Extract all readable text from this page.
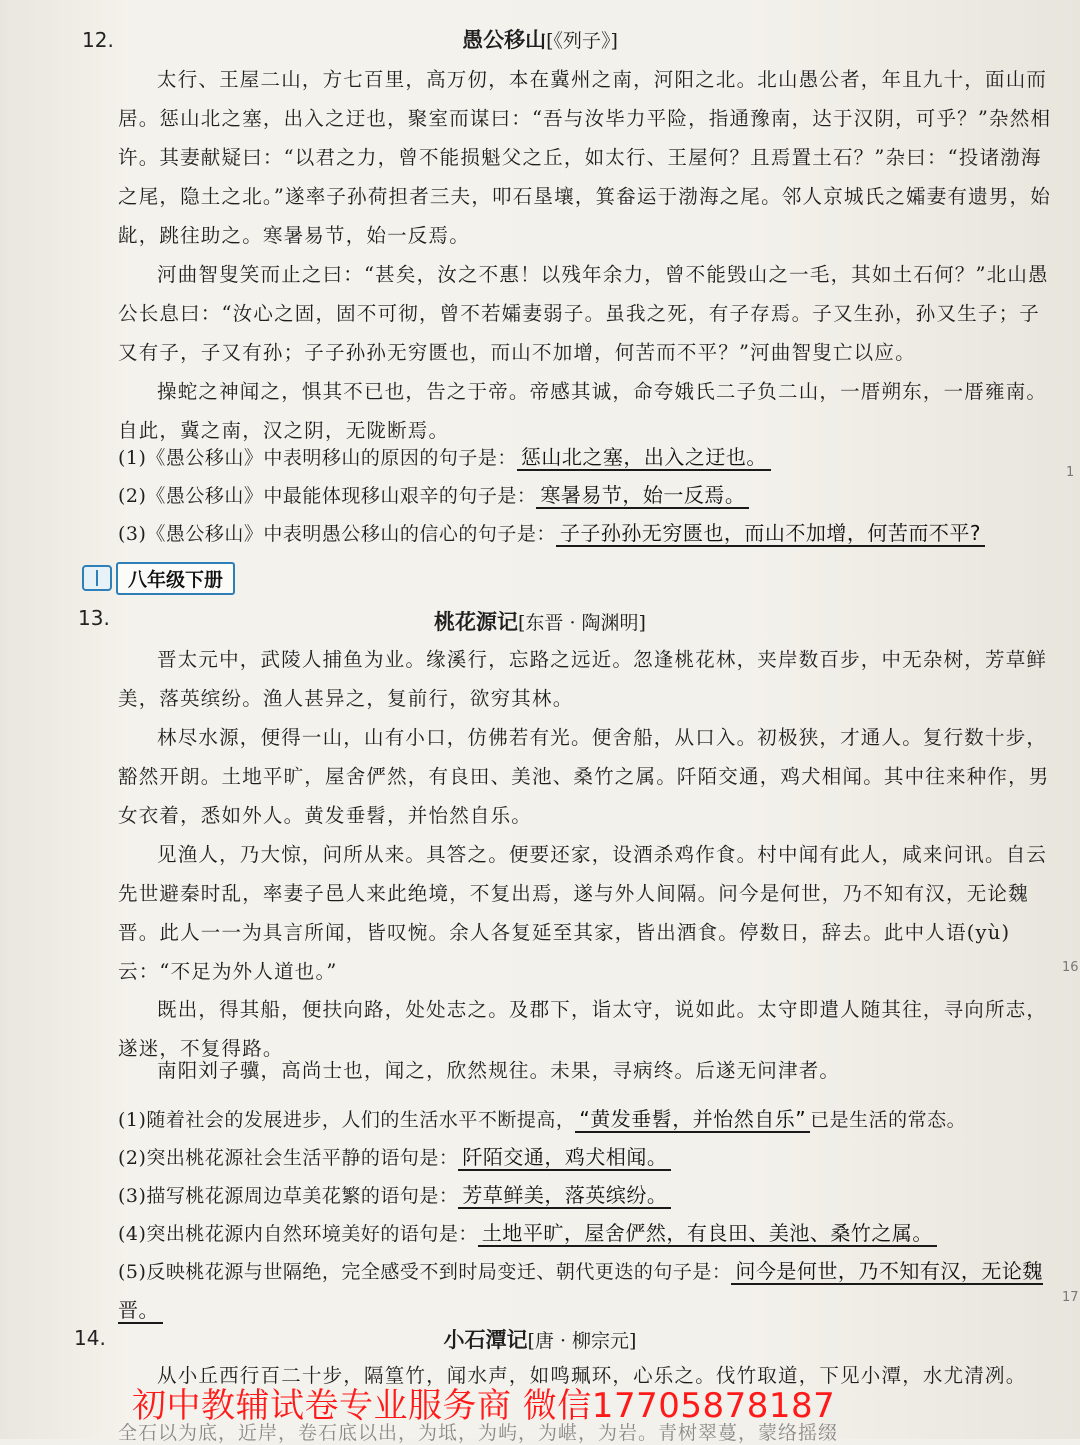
12.	愚公移山[《列子》]

太行、王屋二山，方七百里，高万仞，本在冀州之南，河阳之北。北山愚公者，年且九十，面山而居。惩山北之塞，出入之迂也，聚室而谋曰：“吾与汝毕力平险，指通豫南，达于汉阴，可乎？”杂然相许。其妻献疑曰：“以君之力，曾不能损魁父之丘，如太行、王屋何？且焉置土石？”杂曰：“投诸渤海之尾，隐土之北。”遂率子孙荷担者三夫，叩石垦壤，箕畚运于渤海之尾。邻人京城氏之孀妻有遗男，始龀，跳往助之。寒暑易节，始一反焉。

河曲智叟笑而止之曰：“甚矣，汝之不惠！以残年余力，曾不能毁山之一毛，其如土石何？”北山愚公长息曰：“汝心之固，固不可彻，曾不若孀妻弱子。虽我之死，有子存焉。子又生孙，孙又生子；子又有子，子又有孙；子子孙孙无穷匮也，而山不加增，何苦而不平？”河曲智叟亡以应。

操蛇之神闻之，惧其不已也，告之于帝。帝感其诚，命夸娥氏二子负二山，一厝朔东，一厝雍南。自此，冀之南，汉之阴，无陇断焉。

(1)《愚公移山》中表明移山的原因的句子是： 惩山北之塞，出入之迂也。
(2)《愚公移山》中最能体现移山艰辛的句子是： 寒暑易节，始一反焉。
(3)《愚公移山》中表明愚公移山的信心的句子是： 子子孙孙无穷匮也，而山不加增，何苦而不平?
八年级下册
13.	桃花源记[东晋 · 陶渊明]

晋太元中，武陵人捕鱼为业。缘溪行，忘路之远近。忽逢桃花林，夹岸数百步，中无杂树，芳草鲜美，落英缤纷。渔人甚异之，复前行，欲穷其林。

林尽水源，便得一山，山有小口，仿佛若有光。便舍船，从口入。初极狭，才通人。复行数十步，豁然开朗。土地平旷，屋舍俨然，有良田、美池、桑竹之属。阡陌交通，鸡犬相闻。其中往来种作，男女衣着，悉如外人。黄发垂髫，并怡然自乐。

见渔人，乃大惊，问所从来。具答之。便要还家，设酒杀鸡作食。村中闻有此人，咸来问讯。自云先世避秦时乱，率妻子邑人来此绝境，不复出焉，遂与外人间隔。问今是何世，乃不知有汉，无论魏晋。此人一一为具言所闻，皆叹惋。余人各复延至其家，皆出酒食。停数日，辞去。此中人语(yù)云：“不足为外人道也。”

既出，得其船，便扶向路，处处志之。及郡下，诣太守，说如此。太守即遣人随其往，寻向所志，遂迷，不复得路。

南阳刘子骥，高尚士也，闻之，欣然规往。未果，寻病终。后遂无问津者。

(1)随着社会的发展进步，人们的生活水平不断提高， “黄发垂髫，并怡然自乐” 已是生活的常态。
(2)突出桃花源社会生活平静的语句是： 阡陌交通，鸡犬相闻。
(3)描写桃花源周边草美花繁的语句是： 芳草鲜美，落英缤纷。
(4)突出桃花源内自然环境美好的语句是： 土地平旷，屋舍俨然，有良田、美池、桑竹之属。
(5)反映桃花源与世隔绝，完全感受不到时局变迁、朝代更迭的句子是： 问今是何世，乃不知有汉，无论魏晋。
14.	小石潭记[唐 · 柳宗元]

从小丘西行百二十步，隔篁竹，闻水声，如鸣珮环，心乐之。伐竹取道，下见小潭，水尤清冽。

全石以为底，近岸，卷石底以出，为坻，为屿，为嵁，为岩。青树翠蔓，蒙络摇缀
初中教辅试卷专业服务商 微信17705878187
1
16
17
